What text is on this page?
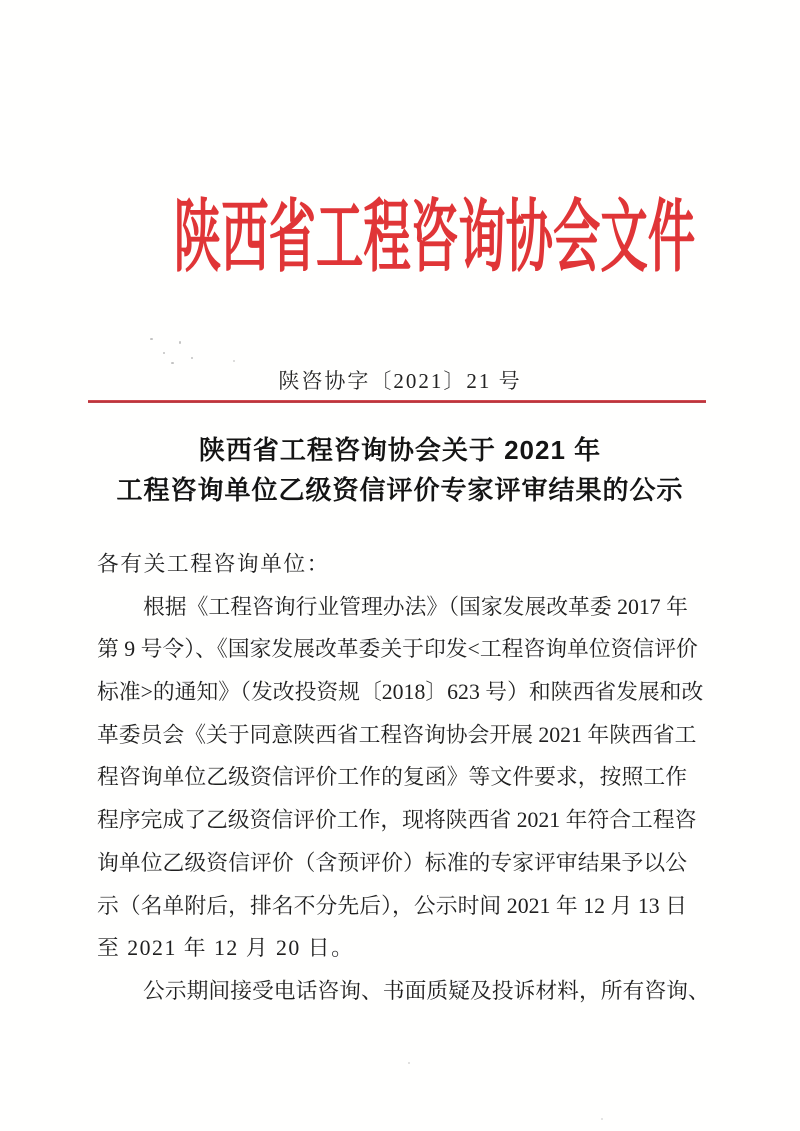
陕西省工程咨询协会文件
陕咨协字〔2021〕21 号
陕西省工程咨询协会关于 2021 年
工程咨询单位乙级资信评价专家评审结果的公示
各有关工程咨询单位：
根据《工程咨询行业管理办法》（国家发展改革委 2017 年
第 9 号令）、《国家发展改革委关于印发<工程咨询单位资信评价
标准>的通知》（发改投资规〔2018〕623 号）和陕西省发展和改
革委员会《关于同意陕西省工程咨询协会开展 2021 年陕西省工
程咨询单位乙级资信评价工作的复函》等文件要求，按照工作
程序完成了乙级资信评价工作，现将陕西省 2021 年符合工程咨
询单位乙级资信评价（含预评价）标准的专家评审结果予以公
示（名单附后，排名不分先后），公示时间 2021 年 12 月 13 日
至 2021 年 12 月 20 日。
公示期间接受电话咨询、书面质疑及投诉材料，所有咨询、
